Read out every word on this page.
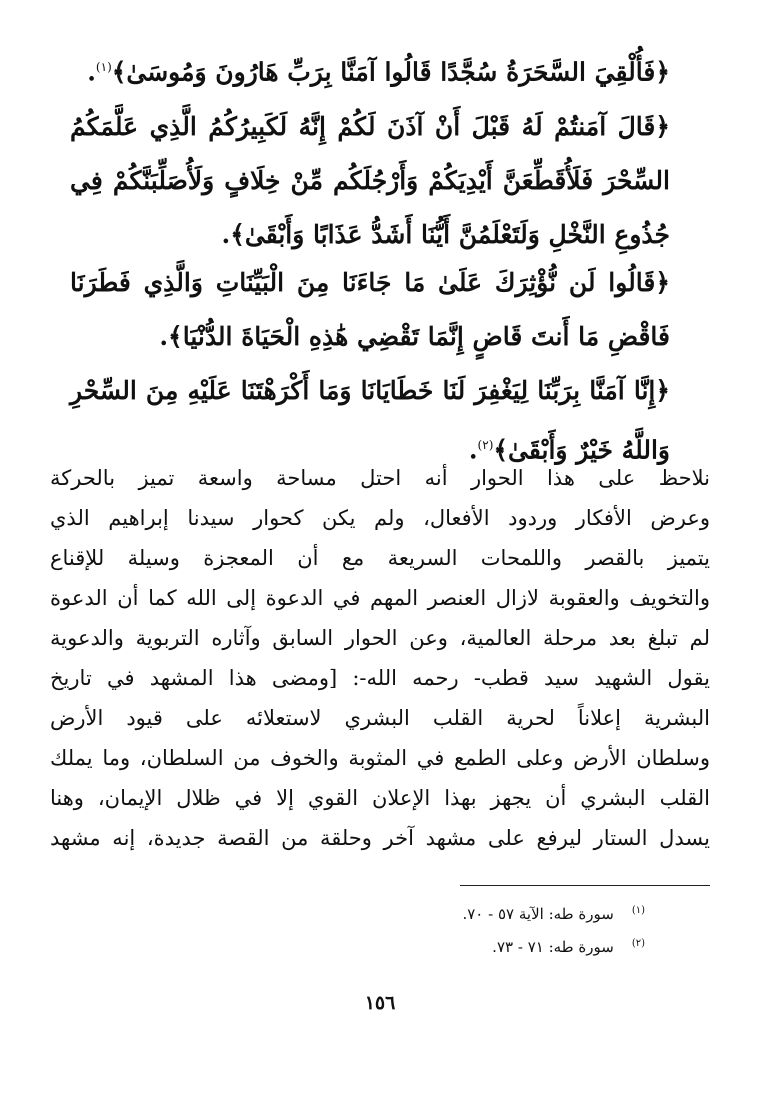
﴿فَأُلْقِيَ السَّحَرَةُ سُجَّدًا قَالُوا آمَنَّا بِرَبِّ هَارُونَ وَمُوسَىٰ﴾$^{(١)}$.
﴿قَالَ آمَنتُمْ لَهُ قَبْلَ أَنْ آذَنَ لَكُمْ إِنَّهُ لَكَبِيرُكُمُ الَّذِي عَلَّمَكُمُ السِّحْرَ فَلَأُقَطِّعَنَّ أَيْدِيَكُمْ وَأَرْجُلَكُم مِّنْ خِلَافٍ وَلَأُصَلِّبَنَّكُمْ فِي جُذُوعِ النَّخْلِ وَلَتَعْلَمُنَّ أَيُّنَا أَشَدُّ عَذَابًا وَأَبْقَىٰ﴾.
﴿قَالُوا لَن نُّؤْثِرَكَ عَلَىٰ مَا جَاءَنَا مِنَ الْبَيِّنَاتِ وَالَّذِي فَطَرَنَا فَاقْضِ مَا أَنتَ قَاضٍ إِنَّمَا تَقْضِي هَٰذِهِ الْحَيَاةَ الدُّنْيَا﴾.
﴿إِنَّا آمَنَّا بِرَبِّنَا لِيَغْفِرَ لَنَا خَطَايَانَا وَمَا أَكْرَهْتَنَا عَلَيْهِ مِنَ السِّحْرِ وَاللَّهُ خَيْرٌ وَأَبْقَىٰ﴾$^{(٢)}$.
نلاحظ على هذا الحوار أنه احتل مساحة واسعة تميز بالحركة
وعرض الأفكار وردود الأفعال، ولم يكن كحوار سيدنا إبراهيم الذي
يتميز بالقصر واللمحات السريعة مع أن المعجزة وسيلة للإقناع
والتخويف والعقوبة لازال العنصر المهم في الدعوة إلى الله كما أن الدعوة
لم تبلغ بعد مرحلة العالمية، وعن الحوار السابق وآثاره التربوية والدعوية
يقول الشهيد سيد قطب- رحمه الله-: [ومضى هذا المشهد في تاريخ
البشرية إعلاناً لحرية القلب البشري لاستعلائه على قيود الأرض
وسلطان الأرض وعلى الطمع في المثوبة والخوف من السلطان، وما يملك
القلب البشري أن يجهز بهذا الإعلان القوي إلا في ظلال الإيمان، وهنا
يسدل الستار ليرفع على مشهد آخر وحلقة من القصة جديدة، إنه مشهد
$^{(١)}$سورة طه: الآية ٥٧ - ٧٠.
$^{(٢)}$سورة طه: ٧١ - ٧٣.
١٥٦
